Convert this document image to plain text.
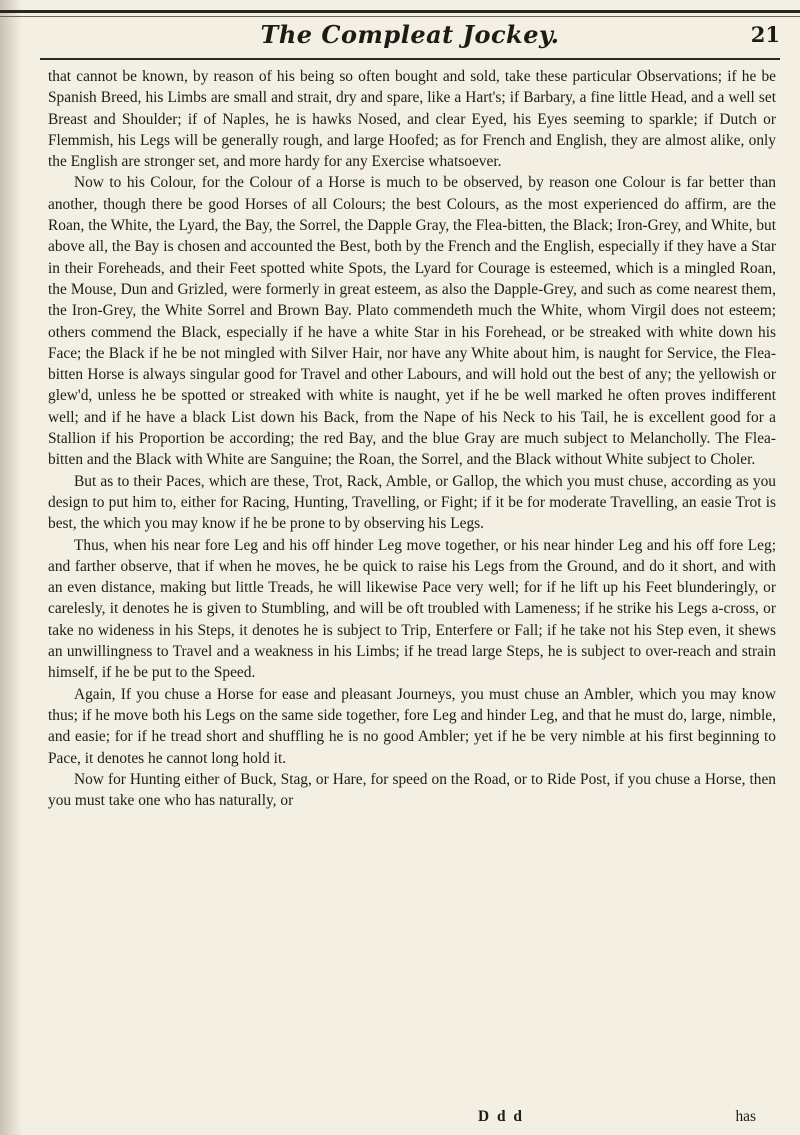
The Compleat Jockey.	21

that cannot be known, by reason of his being so often bought and sold, take these particular Observations; if he be Spanish Breed, his Limbs are small and strait, dry and spare, like a Hart's; if Barbary, a fine little Head, and a well set Breast and Shoulder; if of Naples, he is hawks Nosed, and clear Eyed, his Eyes seeming to sparkle; if Dutch or Flemmish, his Legs will be generally rough, and large Hoofed; as for French and English, they are almost alike, only the English are stronger set, and more hardy for any Exercise whatsoever.

Now to his Colour, for the Colour of a Horse is much to be observed, by reason one Colour is far better than another, though there be good Horses of all Colours; the best Colours, as the most experienced do affirm, are the Roan, the White, the Lyard, the Bay, the Sorrel, the Dapple Gray, the Flea-bitten, the Black; Iron-Grey, and White, but above all, the Bay is chosen and accounted the Best, both by the French and the English, especially if they have a Star in their Foreheads, and their Feet spotted white Spots, the Lyard for Courage is esteemed, which is a mingled Roan, the Mouse, Dun and Grizled, were formerly in great esteem, as also the Dapple-Grey, and such as come nearest them, the Iron-Grey, the White Sorrel and Brown Bay. Plato commendeth much the White, whom Virgil does not esteem; others commend the Black, especially if he have a white Star in his Forehead, or be streaked with white down his Face; the Black if he be not mingled with Silver Hair, nor have any White about him, is naught for Service, the Flea-bitten Horse is always singular good for Travel and other Labours, and will hold out the best of any; the yellowish or glew'd, unless he be spotted or streaked with white is naught, yet if he be well marked he often proves indifferent well; and if he have a black List down his Back, from the Nape of his Neck to his Tail, he is excellent good for a Stallion if his Proportion be according; the red Bay, and the blue Gray are much subject to Melancholly. The Flea-bitten and the Black with White are Sanguine; the Roan, the Sorrel, and the Black without White subject to Choler.

But as to their Paces, which are these, Trot, Rack, Amble, or Gallop, the which you must chuse, according as you design to put him to, either for Racing, Hunting, Travelling, or Fight; if it be for moderate Travelling, an easie Trot is best, the which you may know if he be prone to by observing his Legs.

Thus, when his near fore Leg and his off hinder Leg move together, or his near hinder Leg and his off fore Leg; and farther observe, that if when he moves, he be quick to raise his Legs from the Ground, and do it short, and with an even distance, making but little Treads, he will likewise Pace very well; for if he lift up his Feet blunderingly, or carelesly, it denotes he is given to Stumbling, and will be oft troubled with Lameness; if he strike his Legs a-cross, or take no wideness in his Steps, it denotes he is subject to Trip, Enterfere or Fall; if he take not his Step even, it shews an unwillingness to Travel and a weakness in his Limbs; if he tread large Steps, he is subject to over-reach and strain himself, if he be put to the Speed.

Again, If you chuse a Horse for ease and pleasant Journeys, you must chuse an Ambler, which you may know thus; if he move both his Legs on the same side together, fore Leg and hinder Leg, and that he must do, large, nimble, and easie; for if he tread short and shuffling he is no good Ambler; yet if he be very nimble at his first beginning to Pace, it denotes he cannot long hold it.

Now for Hunting either of Buck, Stag, or Hare, for speed on the Road, or to Ride Post, if you chuse a Horse, then you must take one who has naturally, or

D d d	has
